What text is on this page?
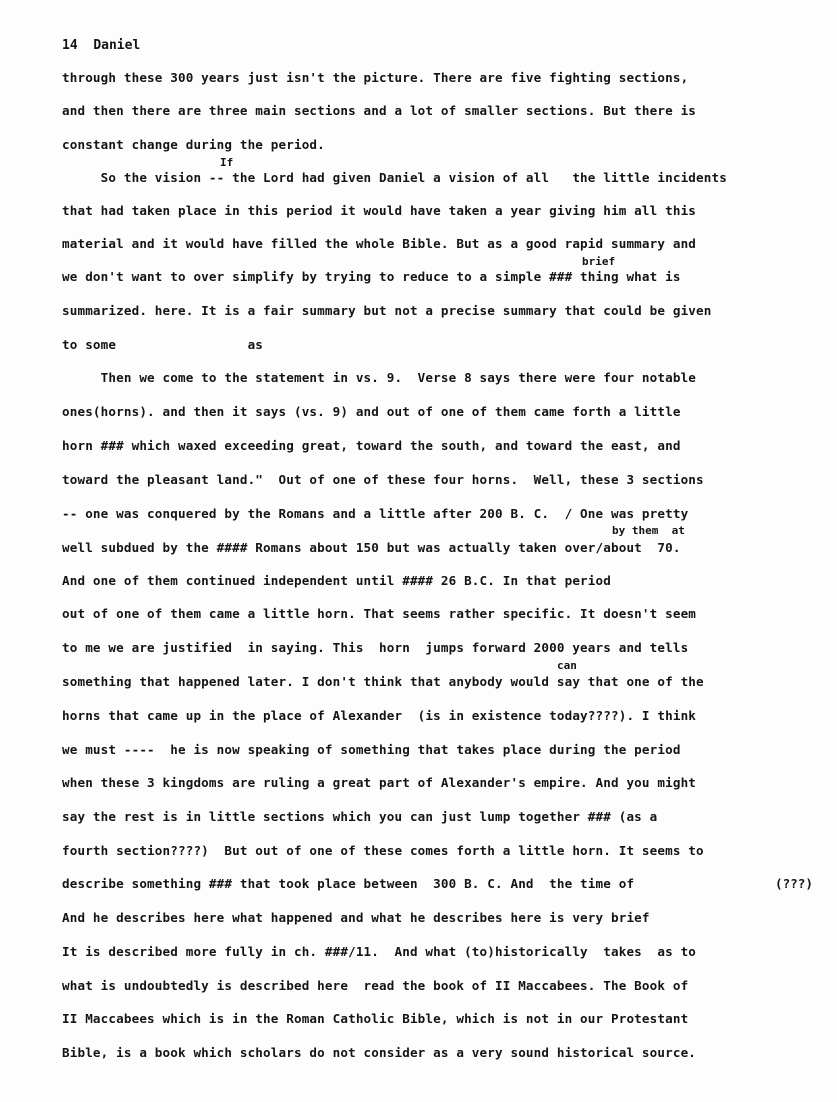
14 Daniel
through these 300 years just isn't the picture. There are five fighting sections,
and then there are three main sections and a lot of smaller sections. But there is
constant change during the period.
If
So the vision -- the Lord had given Daniel a vision of all   the little incidents
that had taken place in this period it would have taken a year giving him all this
material and it would have filled the whole Bible. But as a good rapid summary and
brief
we don't want to over simplify by trying to reduce to a simple ### thing what is
summarized. here. It is a fair summary but not a precise summary that could be given
to some                 as
Then we come to the statement in vs. 9.  Verse 8 says there were four notable
ones(horns). and then it says (vs. 9) and out of one of them came forth a little
horn ### which waxed exceeding great, toward the south, and toward the east, and
toward the pleasant land."  Out of one of these four horns.  Well, these 3 sections
-- one was conquered by the Romans and a little after 200 B. C.  / One was pretty
by them  at
well subdued by the #### Romans about 150 but was actually taken over/about  70.
And one of them continued independent until #### 26 B.C. In that period
out of one of them came a little horn. That seems rather specific. It doesn't seem
to me we are justified  in saying. This  horn  jumps forward 2000 years and tells
can
something that happened later. I don't think that anybody would say that one of the
horns that came up in the place of Alexander  (is in existence today????). I think
we must ----  he is now speaking of something that takes place during the period
when these 3 kingdoms are ruling a great part of Alexander's empire. And you might
say the rest is in little sections which you can just lump together ### (as a
fourth section????)  But out of one of these comes forth a little horn. It seems to
describe something ### that took place between  300 B. C. And  the time of	(???)
And he describes here what happened and what he describes here is very brief
It is described more fully in ch. ###/11.  And what (to)historically  takes  as to
what is undoubtedly is described here  read the book of II Maccabees. The Book of
II Maccabees which is in the Roman Catholic Bible, which is not in our Protestant
Bible, is a book which scholars do not consider as a very sound historical source.
